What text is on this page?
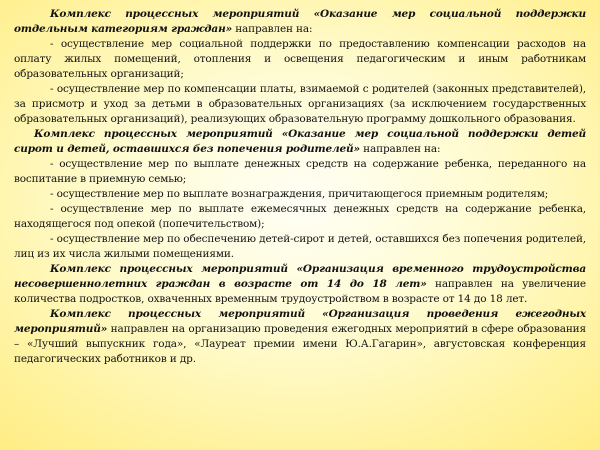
Комплекс процессных мероприятий «Оказание мер социальной поддержки отдельным категориям граждан» направлен на:

- осуществление мер социальной поддержки по предоставлению компенсации расходов на оплату жилых помещений, отопления и освещения педагогическим и иным работникам образовательных организаций;

- осуществление мер по компенсации платы, взимаемой с родителей (законных представителей), за присмотр и уход за детьми в образовательных организациях (за исключением государственных образовательных организаций), реализующих образовательную программу дошкольного образования.

Комплекс процессных мероприятий «Оказание мер социальной поддержки детей сирот и детей, оставшихся без попечения родителей» направлен на:

- осуществление мер по выплате денежных средств на содержание ребенка, переданного на воспитание в приемную семью;

- осуществление мер по выплате вознаграждения, причитающегося приемным родителям;

- осуществление мер по выплате ежемесячных денежных средств на содержание ребенка, находящегося под опекой (попечительством);

- осуществление мер по обеспечению детей-сирот и детей, оставшихся без попечения родителей, лиц из их числа жилыми помещениями.

Комплекс процессных мероприятий «Организация временного трудоустройства несовершеннолетних граждан в возрасте от 14 до 18 лет» направлен на увеличение количества подростков, охваченных временным трудоустройством в возрасте от 14 до 18 лет.

Комплекс процессных мероприятий «Организация проведения ежегодных мероприятий» направлен на организацию проведения ежегодных мероприятий в сфере образования – «Лучший выпускник года», «Лауреат премии имени Ю.А.Гагарин», августовская конференция педагогических работников и др.
